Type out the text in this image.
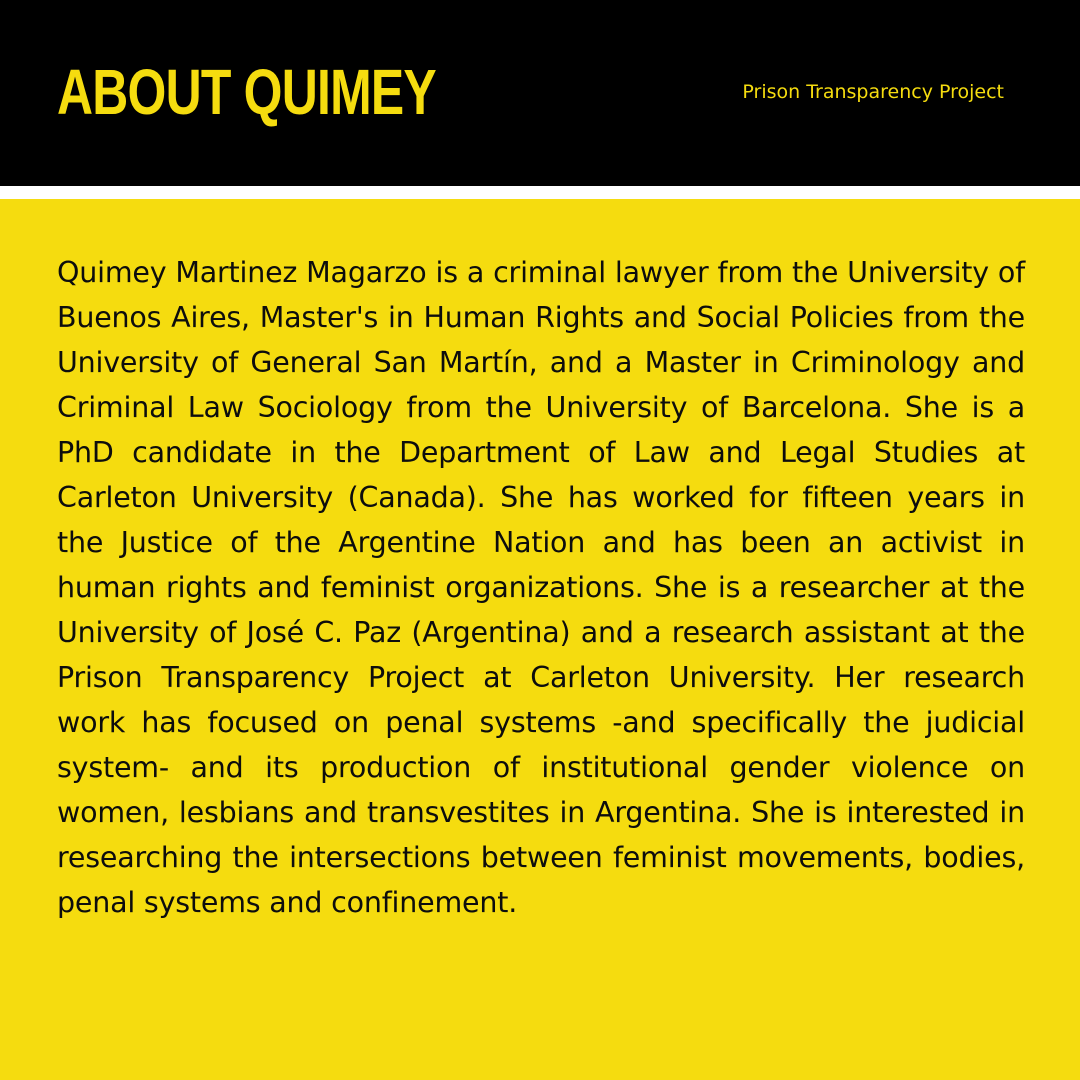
ABOUT QUIMEY	Prison Transparency Project

Quimey Martinez Magarzo is a criminal lawyer from the University of Buenos Aires, Master's in Human Rights and Social Policies from the University of General San Martín, and a Master in Criminology and Criminal Law Sociology from the University of Barcelona. She is a PhD candidate in the Department of Law and Legal Studies at Carleton University (Canada). She has worked for fifteen years in the Justice of the Argentine Nation and has been an activist in human rights and feminist organizations. She is a researcher at the University of José C. Paz (Argentina) and a research assistant at the Prison Transparency Project at Carleton University. Her research work has focused on penal systems -and specifically the judicial system- and its production of institutional gender violence on women, lesbians and transvestites in Argentina. She is interested in researching the intersections between feminist movements, bodies, penal systems and confinement.
